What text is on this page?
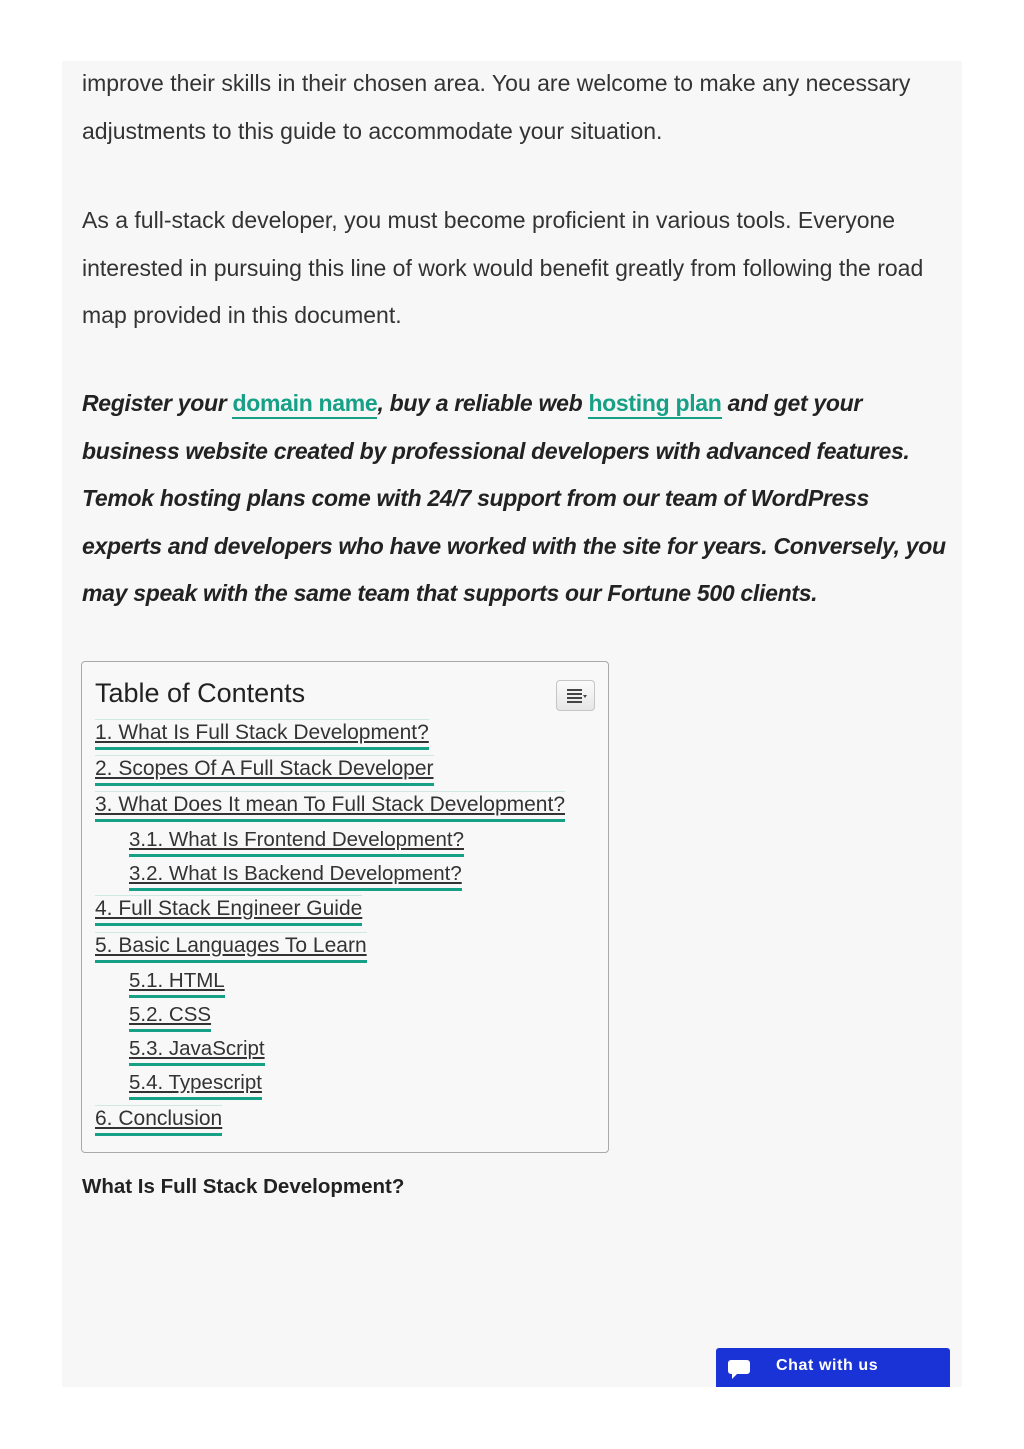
improve their skills in their chosen area. You are welcome to make any necessary adjustments to this guide to accommodate your situation.

As a full-stack developer, you must become proficient in various tools. Everyone interested in pursuing this line of work would benefit greatly from following the road map provided in this document.

Register your domain name, buy a reliable web hosting plan and get your business website created by professional developers with advanced features. Temok hosting plans come with 24/7 support from our team of WordPress experts and developers who have worked with the site for years. Conversely, you may speak with the same team that supports our Fortune 500 clients.

Table of Contents
1. What Is Full Stack Development?
2. Scopes Of A Full Stack Developer
3. What Does It mean To Full Stack Development?
3.1. What Is Frontend Development?
3.2. What Is Backend Development?
4. Full Stack Engineer Guide
5. Basic Languages To Learn
5.1. HTML
5.2. CSS
5.3. JavaScript
5.4. Typescript
6. Conclusion
What Is Full Stack Development?
Chat with us
